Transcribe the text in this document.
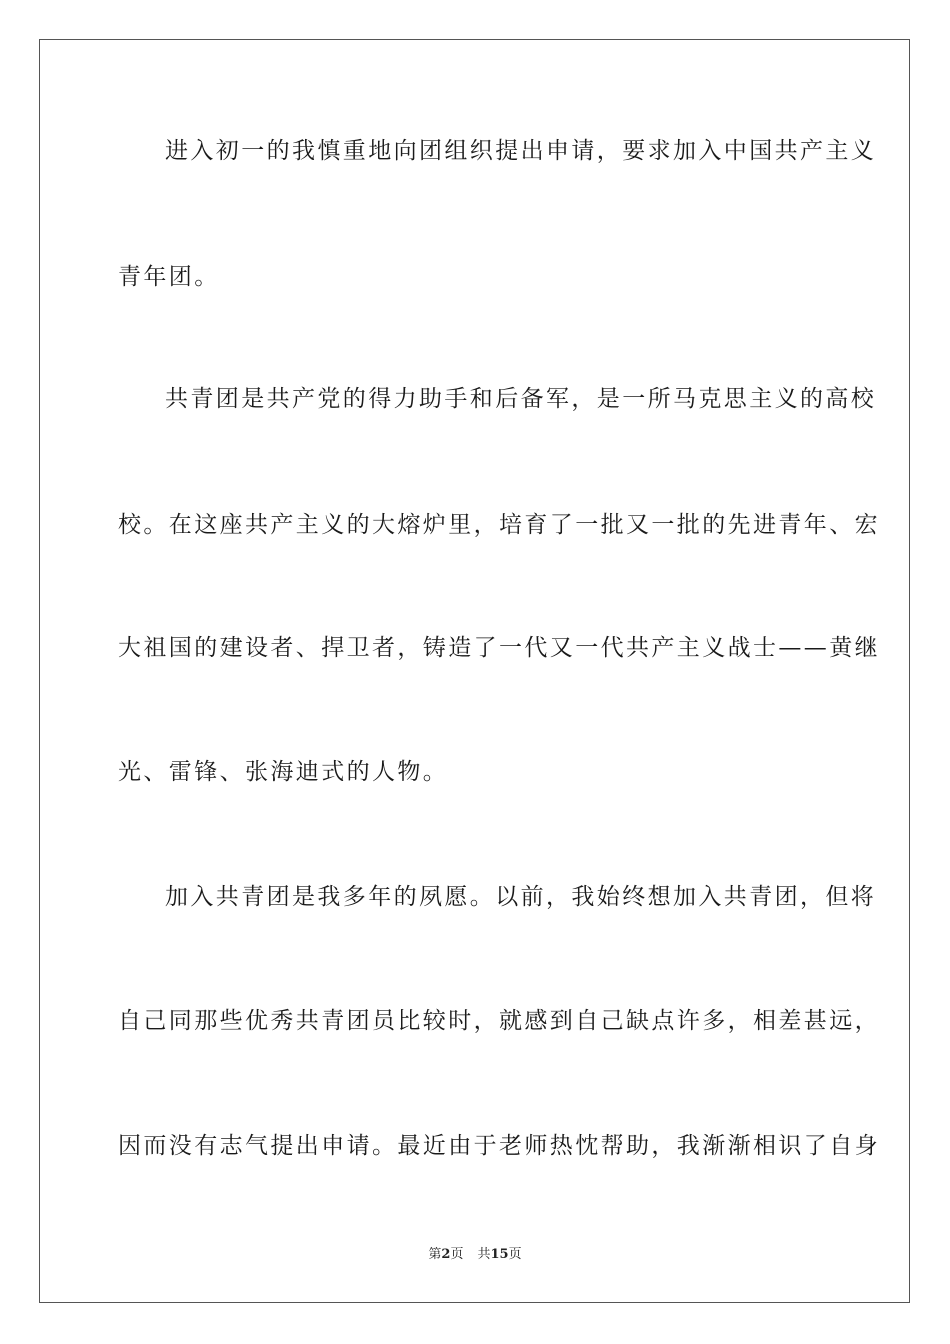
进入初一的我慎重地向团组织提出申请，要求加入中国共产主义
青年团。
共青团是共产党的得力助手和后备军，是一所马克思主义的高校
校。在这座共产主义的大熔炉里，培育了一批又一批的先进青年、宏
大祖国的建设者、捍卫者，铸造了一代又一代共产主义战士——黄继
光、雷锋、张海迪式的人物。
加入共青团是我多年的夙愿。以前，我始终想加入共青团，但将
自己同那些优秀共青团员比较时，就感到自己缺点许多，相差甚远，
因而没有志气提出申请。最近由于老师热忱帮助，我渐渐相识了自身
第2页 共15页
